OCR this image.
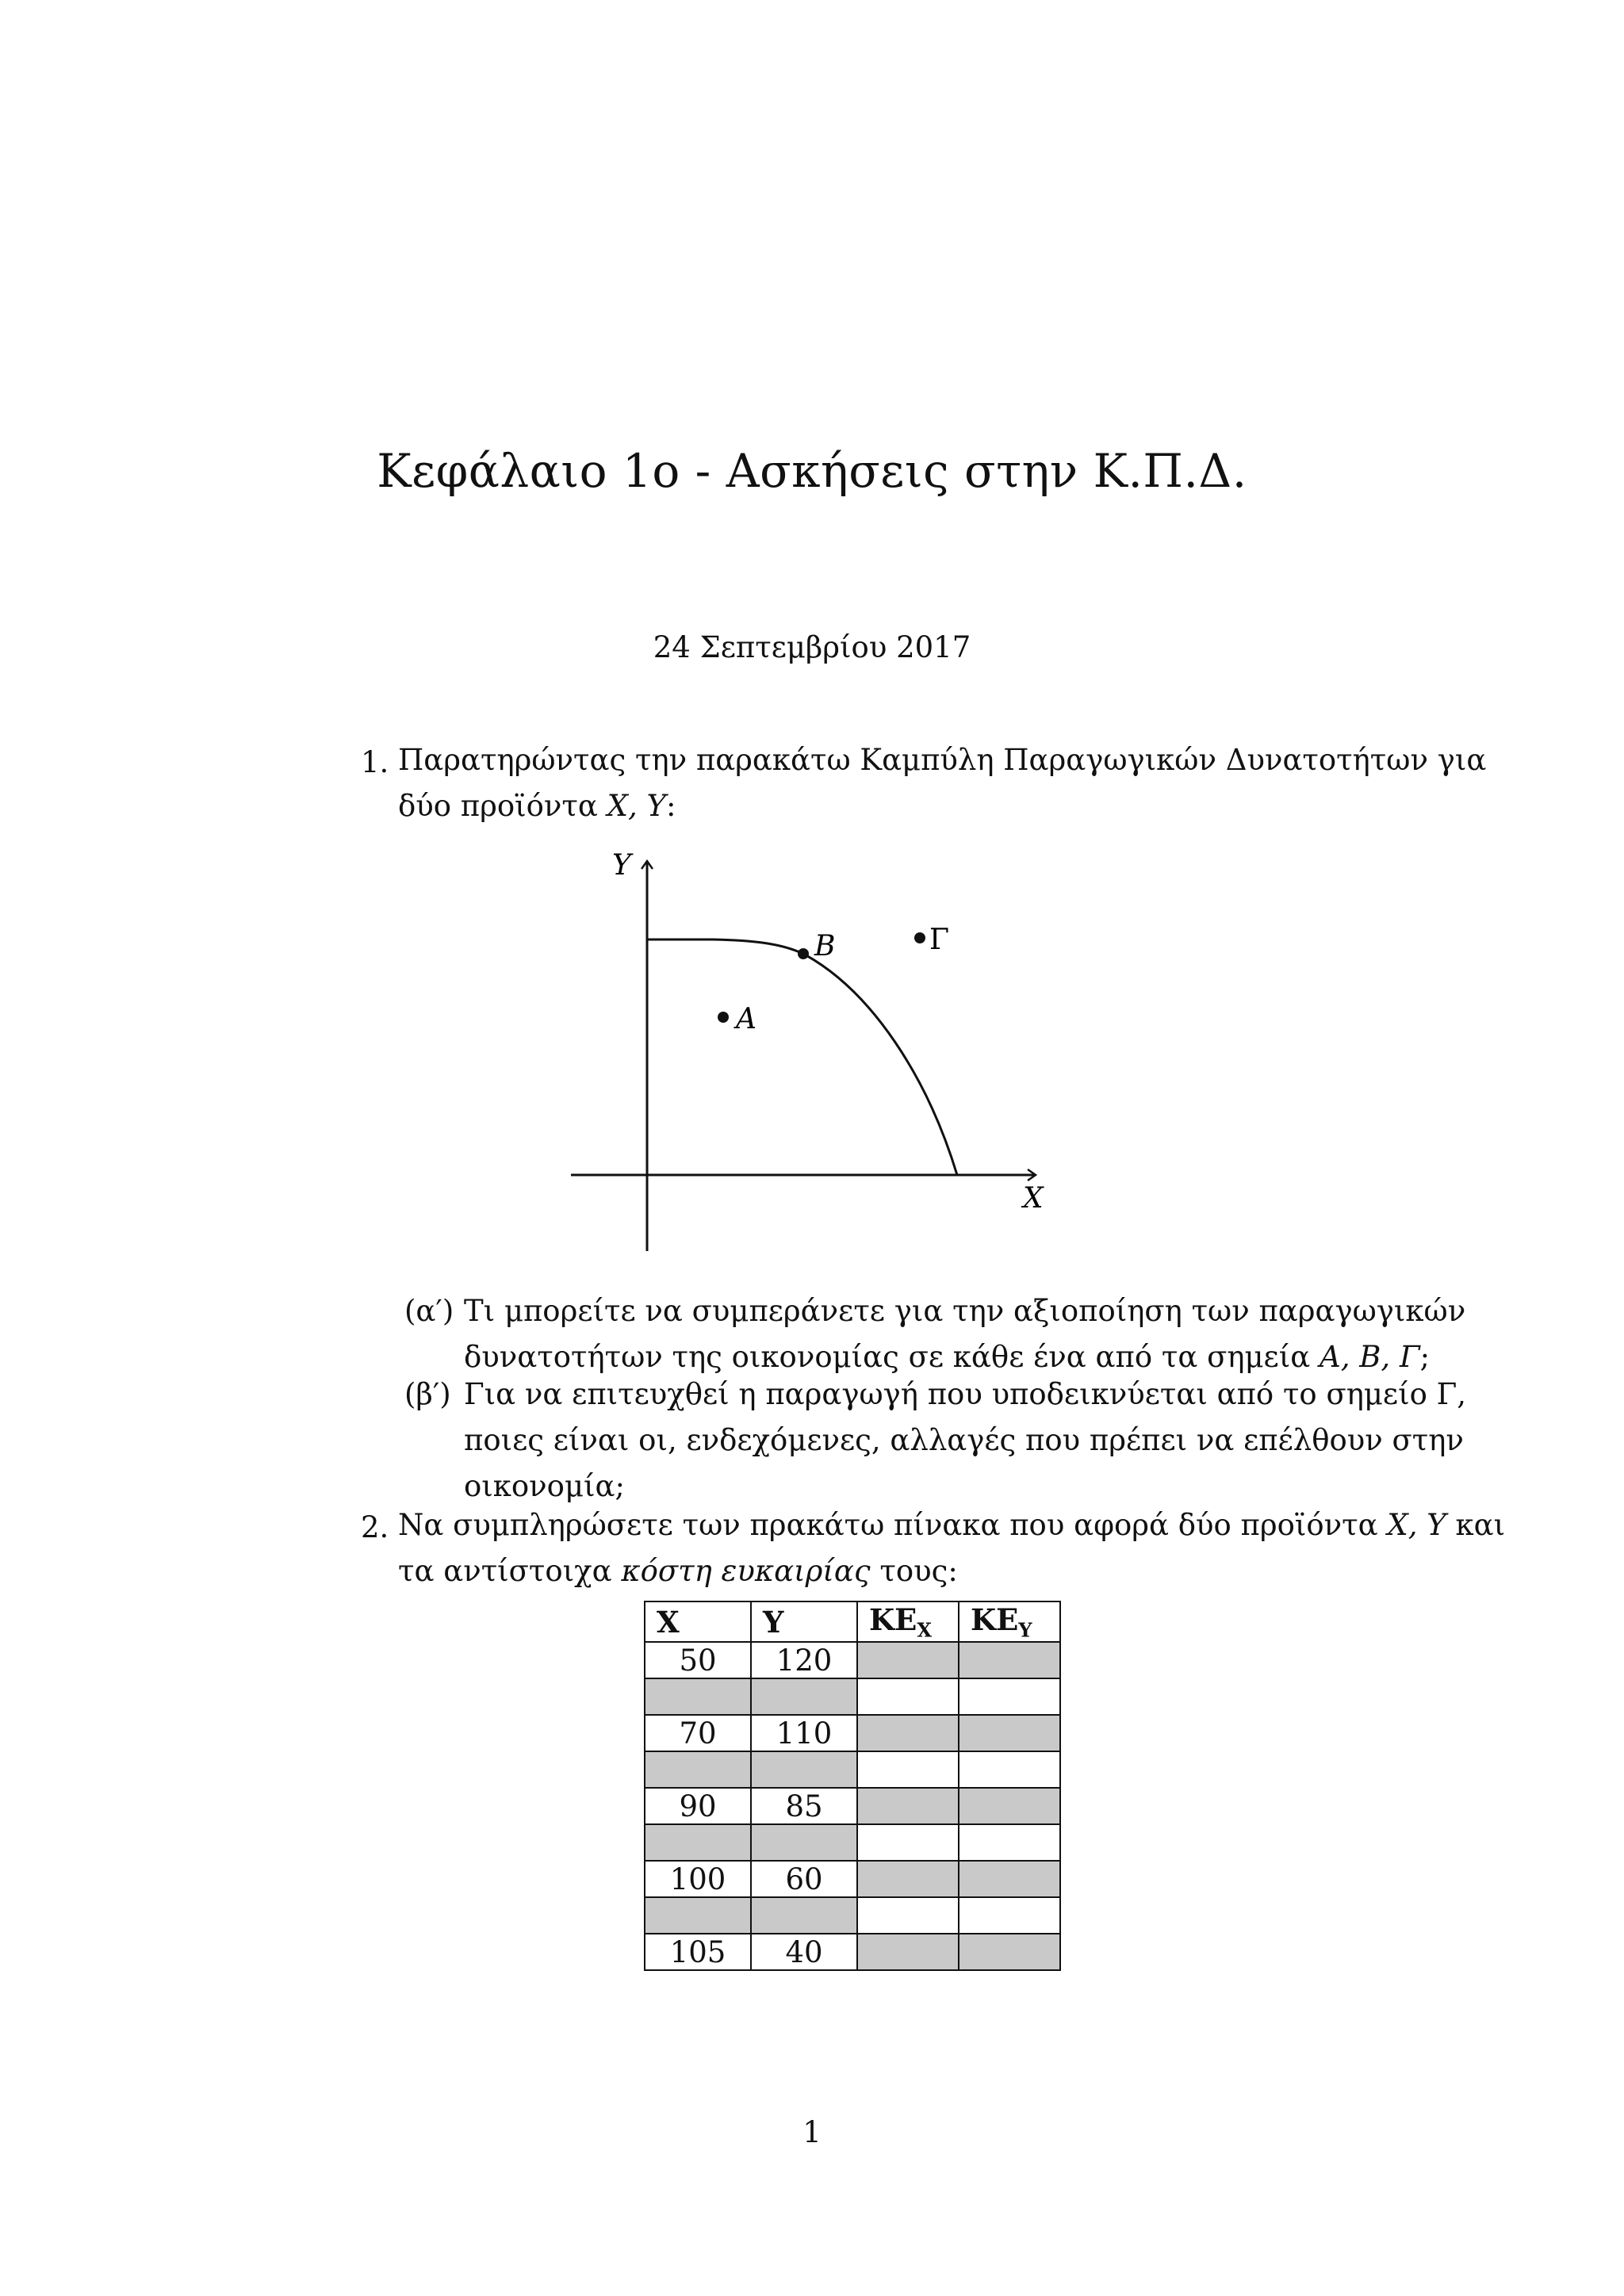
Κεφάλαιο 1ο - Ασκήσεις στην Κ.Π.Δ.
24 Σεπτεμβρίου 2017
1. Παρατηρώντας την παρακάτω Καμπύλη Παραγωγικών Δυνατοτήτων για
δύο προϊόντα X, Y:
Y
X
A
B	Γ
(α′) Τι μπορείτε να συμπεράνετε για την αξιοποίηση των παραγωγικών
δυνατοτήτων της οικονομίας σε κάθε ένα από τα σημεία A, B, Γ;
(β′) Για να επιτευχθεί η παραγωγή που υποδεικνύεται από το σημείο Γ,
ποιες είναι οι, ενδεχόμενες, αλλαγές που πρέπει να επέλθουν στην
οικονομία;
2. Να συμπληρώσετε των πρακάτω πίνακα που αφορά δύο προϊόντα X, Y και
τα αντίστοιχα κόστη ευκαιρίας τους:
X	Y	$KE_X$	$KE_Y$
50	120		

70	110		

90	85		

100	60		

105	40		
1
